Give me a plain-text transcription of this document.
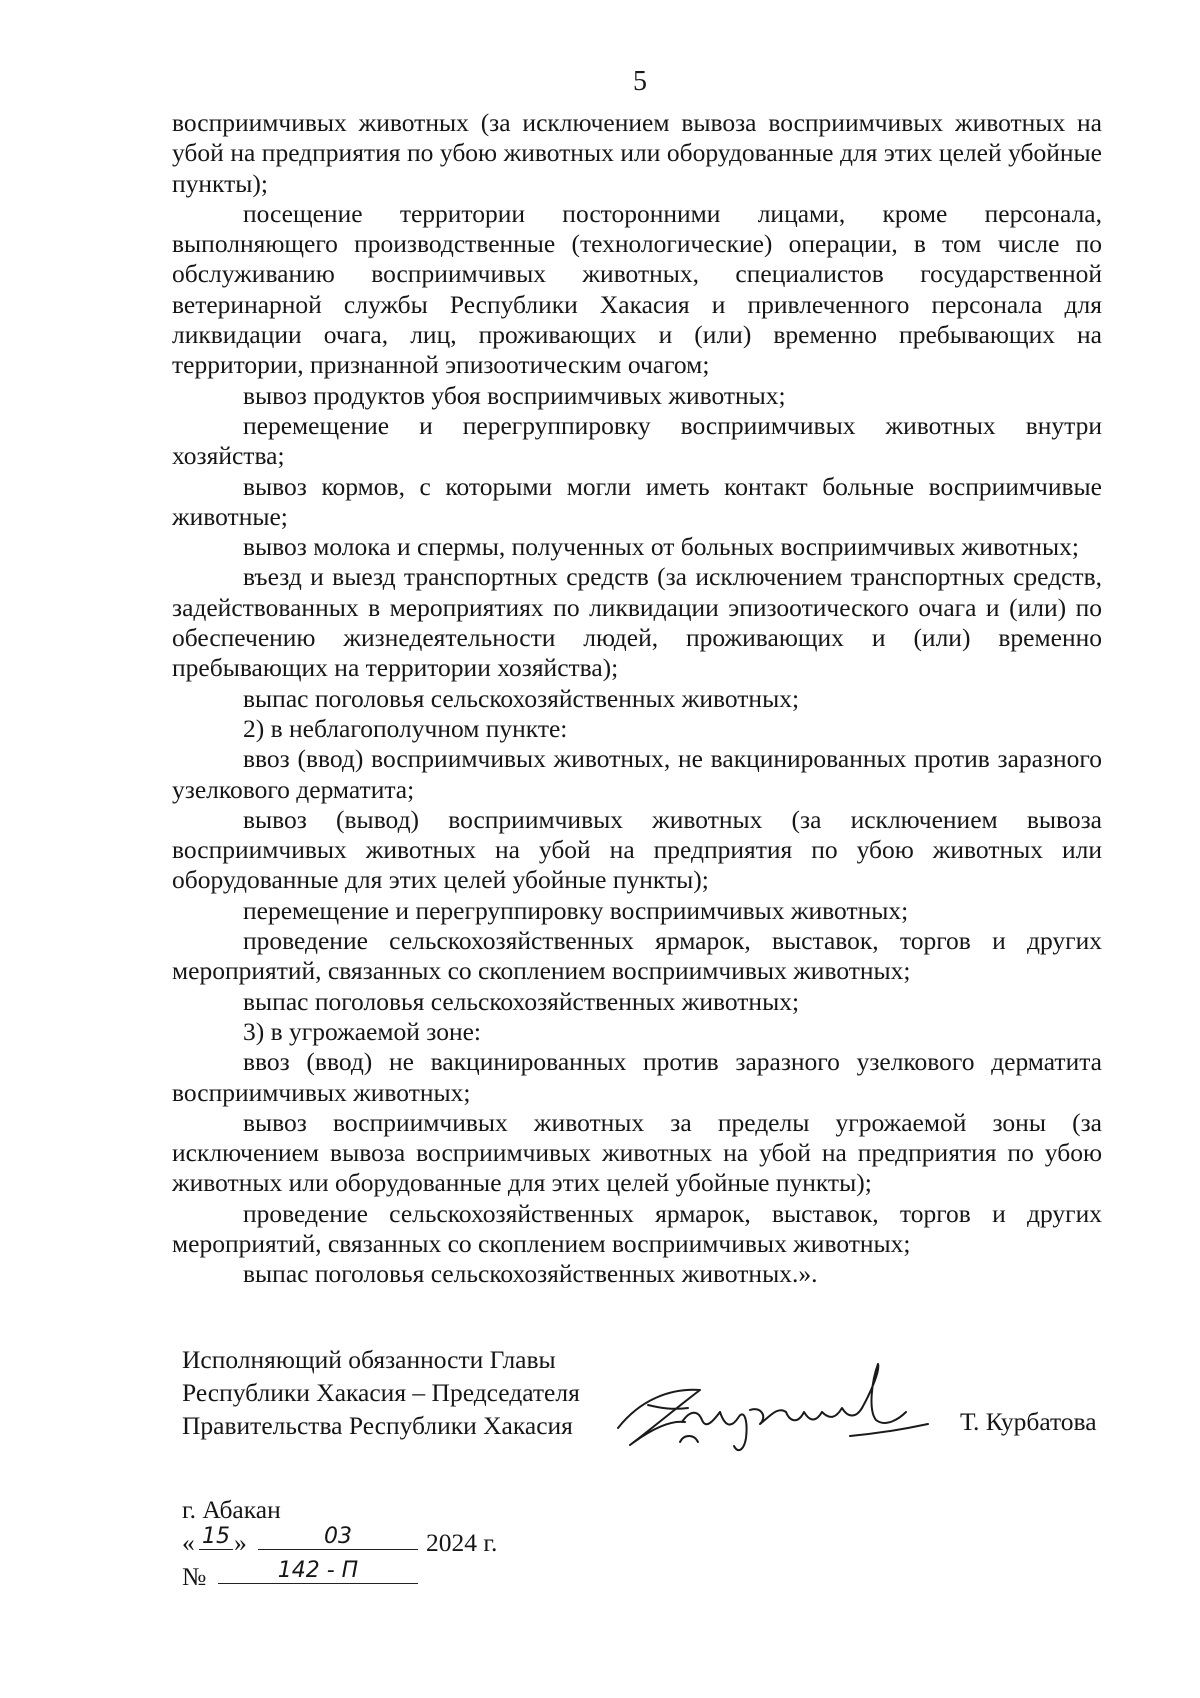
5

восприимчивых животных (за исключением вывоза восприимчивых животных на убой на предприятия по убою животных или оборудованные для этих целей убойные пункты);

посещение территории посторонними лицами, кроме персонала, выполняющего производственные (технологические) операции, в том числе по обслуживанию восприимчивых животных, специалистов государственной ветеринарной службы Республики Хакасия и привлеченного персонала для ликвидации очага, лиц, проживающих и (или) временно пребывающих на территории, признанной эпизоотическим очагом;

вывоз продуктов убоя восприимчивых животных;

перемещение и перегруппировку восприимчивых животных внутри хозяйства;

вывоз кормов, с которыми могли иметь контакт больные восприимчивые животные;

вывоз молока и спермы, полученных от больных восприимчивых животных;

въезд и выезд транспортных средств (за исключением транспортных средств, задействованных в мероприятиях по ликвидации эпизоотического очага и (или) по обеспечению жизнедеятельности людей, проживающих и (или) временно пребывающих на территории хозяйства);

выпас поголовья сельскохозяйственных животных;

2) в неблагополучном пункте:

ввоз (ввод) восприимчивых животных, не вакцинированных против заразного узелкового дерматита;

вывоз (вывод) восприимчивых животных (за исключением вывоза восприимчивых животных на убой на предприятия по убою животных или оборудованные для этих целей убойные пункты);

перемещение и перегруппировку восприимчивых животных;

проведение сельскохозяйственных ярмарок, выставок, торгов и других мероприятий, связанных со скоплением восприимчивых животных;

выпас поголовья сельскохозяйственных животных;

3) в угрожаемой зоне:

ввоз (ввод) не вакцинированных против заразного узелкового дерматита восприимчивых животных;

вывоз восприимчивых животных за пределы угрожаемой зоны (за исключением вывоза восприимчивых животных на убой на предприятия по убою животных или оборудованные для этих целей убойные пункты);

проведение сельскохозяйственных ярмарок, выставок, торгов и других мероприятий, связанных со скоплением восприимчивых животных;

выпас поголовья сельскохозяйственных животных.».

Исполняющий обязанности Главы
Республики Хакасия – Председателя
Правительства Республики Хакасия	Т. Курбатова
г. Абакан
« 15 »	03	2024 г.
№	142 - П
